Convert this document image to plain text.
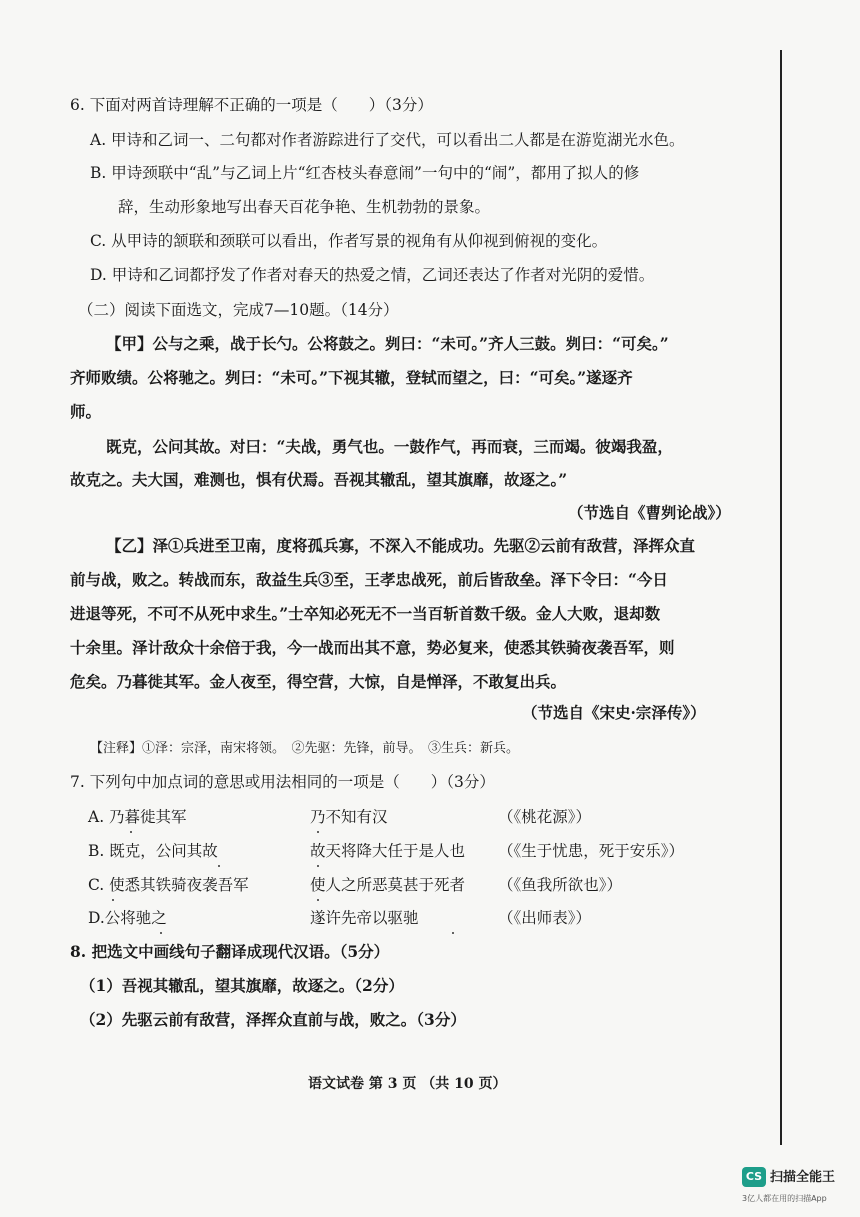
6. 下面对两首诗理解不正确的一项是（　　）（3分）
A. 甲诗和乙词一、二句都对作者游踪进行了交代，可以看出二人都是在游览湖光水色。
B. 甲诗颈联中“乱”与乙词上片“红杏枝头春意闹”一句中的“闹”，都用了拟人的修
辞，生动形象地写出春天百花争艳、生机勃勃的景象。
C. 从甲诗的颔联和颈联可以看出，作者写景的视角有从仰视到俯视的变化。
D. 甲诗和乙词都抒发了作者对春天的热爱之情，乙词还表达了作者对光阴的爱惜。
（二）阅读下面选文，完成7—10题。（14分）
【甲】公与之乘，战于长勺。公将鼓之。刿曰：“未可。”齐人三鼓。刿曰：“可矣。”
齐师败绩。公将驰之。刿曰：“未可。”下视其辙，登轼而望之，曰：“可矣。”遂逐齐
师。
既克，公问其故。对曰：“夫战，勇气也。一鼓作气，再而衰，三而竭。彼竭我盈，
故克之。夫大国，难测也，惧有伏焉。吾视其辙乱，望其旗靡，故逐之。”
（节选自《曹刿论战》）
【乙】泽①兵进至卫南，度将孤兵寡，不深入不能成功。先驱②云前有敌营，泽挥众直
前与战，败之。转战而东，敌益生兵③至，王孝忠战死，前后皆敌垒。泽下令曰：“今日
进退等死，不可不从死中求生。”士卒知必死无不一当百斩首数千级。金人大败，退却数
十余里。泽计敌众十余倍于我，今一战而出其不意，势必复来，使悉其铁骑夜袭吾军，则
危矣。乃暮徙其军。金人夜至，得空营，大惊，自是惮泽，不敢复出兵。
（节选自《宋史·宗泽传》）
【注释】①泽：宗泽，南宋将领。　②先驱：先锋，前导。　③生兵：新兵。
7. 下列句中加点词的意思或用法相同的一项是（　　）（3分）
A. 乃暮徙其军	乃不知有汉	（《桃花源》）
B. 既克，公问其故	故天将降大任于是人也 （《生于忧患，死于安乐》）
C. 使悉其铁骑夜袭吾军	使人之所恶莫甚于死者 （《鱼我所欲也》）
D.公将驰之	遂许先帝以驱驰	（《出师表》）
8. 把选文中画线句子翻译成现代汉语。（5分）
（1）吾视其辙乱，望其旗靡，故逐之。（2分）
（2）先驱云前有敌营，泽挥众直前与战，败之。（3分）
语文试卷 第 3 页 （共 10 页）
CS 扫描全能王
3亿人都在用的扫描App
